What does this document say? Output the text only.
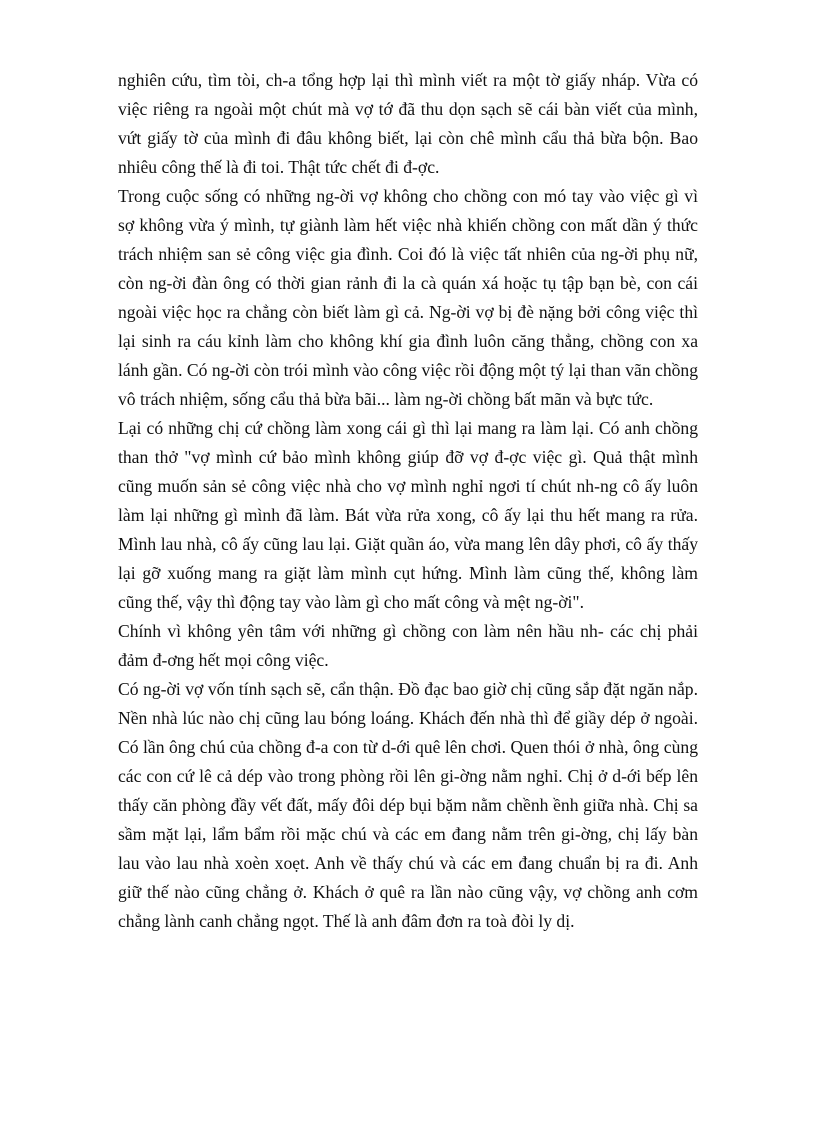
nghiên cứu, tìm tòi, ch-a tổng hợp lại thì mình viết ra một tờ giấy nháp. Vừa có việc riêng ra ngoài một chút mà vợ tớ đã thu dọn sạch sẽ cái bàn viết của mình, vứt giấy tờ của mình đi đâu không biết, lại còn chê mình cẩu thả bừa bộn. Bao nhiêu công thế là đi toi. Thật tức chết đi đ-ợc.

Trong cuộc sống có những ng-ời vợ không cho chồng con mó tay vào việc gì vì sợ không vừa ý mình, tự giành làm hết việc nhà khiến chồng con mất dần ý thức trách nhiệm san sẻ công việc gia đình. Coi đó là việc tất nhiên của ng-ời phụ nữ, còn ng-ời đàn ông có thời gian rảnh đi la cà quán xá hoặc tụ tập bạn bè, con cái ngoài việc học ra chẳng còn biết làm gì cả. Ng-ời vợ bị đè nặng bởi công việc thì lại sinh ra cáu kỉnh làm cho không khí gia đình luôn căng thẳng, chồng con xa lánh gần. Có ng-ời còn trói mình vào công việc rồi động một tý lại than vãn chồng vô trách nhiệm, sống cẩu thả bừa bãi... làm ng-ời chồng bất mãn và bực tức.

Lại có những chị cứ chồng làm xong cái gì thì lại mang ra làm lại. Có anh chồng than thở "vợ mình cứ bảo mình không giúp đỡ vợ đ-ợc việc gì. Quả thật mình cũng muốn sản sẻ công việc nhà cho vợ mình nghỉ ngơi tí chút nh-ng cô ấy luôn làm lại những gì mình đã làm. Bát vừa rửa xong, cô ấy lại thu hết mang ra rửa. Mình lau nhà, cô ấy cũng lau lại. Giặt quần áo, vừa mang lên dây phơi, cô ấy thấy lại gỡ xuống mang ra giặt làm mình cụt hứng. Mình làm cũng thế, không làm cũng thế, vậy thì động tay vào làm gì cho mất công và mệt ng-ời".

Chính vì không yên tâm với những gì chồng con làm nên hầu nh- các chị phải đảm đ-ơng hết mọi công việc.

Có ng-ời vợ vốn tính sạch sẽ, cẩn thận. Đồ đạc bao giờ chị cũng sắp đặt ngăn nắp. Nền nhà lúc nào chị cũng lau bóng loáng. Khách đến nhà thì để giầy dép ở ngoài. Có lần ông chú của chồng đ-a con từ d-ới quê lên chơi. Quen thói ở nhà, ông cùng các con cứ lê cả dép vào trong phòng rồi lên gi-ờng nằm nghỉ. Chị ở d-ới bếp lên thấy căn phòng đầy vết đất, mấy đôi dép bụi bặm nằm chềnh ềnh giữa nhà. Chị sa sầm mặt lại, lẩm bẩm rồi mặc chú và các em đang nằm trên gi-ờng, chị lấy bàn lau vào lau nhà xoèn xoẹt. Anh về thấy chú và các em đang chuẩn bị ra đi. Anh giữ thế nào cũng chẳng ở. Khách ở quê ra lần nào cũng vậy, vợ chồng anh cơm chẳng lành canh chẳng ngọt. Thế là anh đâm đơn ra toà đòi ly dị.
